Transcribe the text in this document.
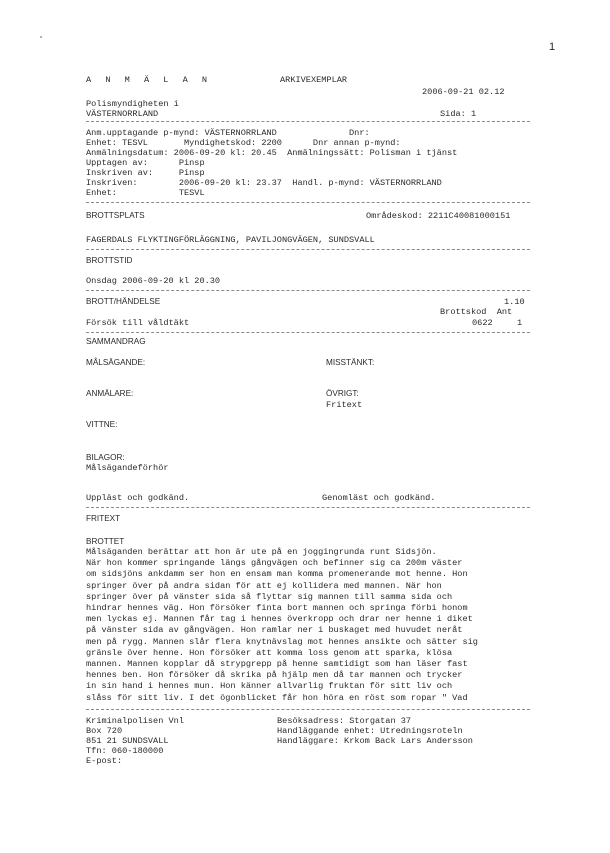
1
A N M Ä L A N	ARKIVEXEMPLAR
2006-09-21 02.12
Polismyndigheten i
VÄSTERNORRLAND	Sida: 1
Anm.upptagande p-mynd: VÄSTERNORRLAND              Dnr:
Enhet: TESVL       Myndighetskod: 2200      Dnr annan p-mynd:
Anmälningsdatum: 2006-09-20 kl: 20.45  Anmälningssätt: Polisman i tjänst
Upptagen av:      Pinsp
Inskriven av:     Pinsp
Inskriven:        2006-09-20 kl: 23.37  Handl. p-mynd: VÄSTERNORRLAND
Enhet:            TESVL
BROTTSPLATS	Områdeskod: 2211C40081000151
FAGERDALS FLYKTINGFÖRLÄGGNING, PAVILJONGVÄGEN, SUNDSVALL
BROTTSTID
Onsdag 2006-09-20 kl 20.30
BROTT/HÄNDELSE	1.10
Brottskod  Ant
Försök till våldtäkt	0622	1
SAMMANDRAG
MÅLSÄGANDE:	MISSTÄNKT:
ANMÄLARE:	ÖVRIGT:
Fritext
VITTNE:
BILAGOR:
Målsägandeförhör
Uppläst och godkänd.	Genomläst och godkänd.
FRITEXT
BROTTET
Målsäganden berättar att hon är ute på en joggingrunda runt Sidsjön.
När hon kommer springande längs gångvägen och befinner sig ca 200m väster
om sidsjöns ankdamm ser hon en ensam man komma promenerande mot henne. Hon
springer över på andra sidan för att ej kollidera med mannen. När hon
springer över på vänster sida så flyttar sig mannen till samma sida och
hindrar hennes väg. Hon försöker finta bort mannen och springa förbi honom
men lyckas ej. Mannen får tag i hennes överkropp och drar ner henne i diket
på vänster sida av gångvägen. Hon ramlar ner i buskaget med huvudet neråt
men på rygg. Mannen slår flera knytnävslag mot hennes ansikte och sätter sig
gränsle över henne. Hon försöker att komma loss genom att sparka, klösa
mannen. Mannen kopplar då strypgrepp på henne samtidigt som han läser fast
hennes ben. Hon försöker då skrika på hjälp men då tar mannen och trycker
in sin hand i hennes mun. Hon känner allvarlig fruktan för sitt liv och
slåss för sitt liv. I det ögonblicket får hon höra en röst som ropar " Vad
Kriminalpolisen Vnl
Box 720
851 21 SUNDSVALL
Tfn: 060-180000
E-post:
Besöksadress: Storgatan 37
Handläggande enhet: Utredningsroteln
Handläggare: Krkom Back Lars Andersson
